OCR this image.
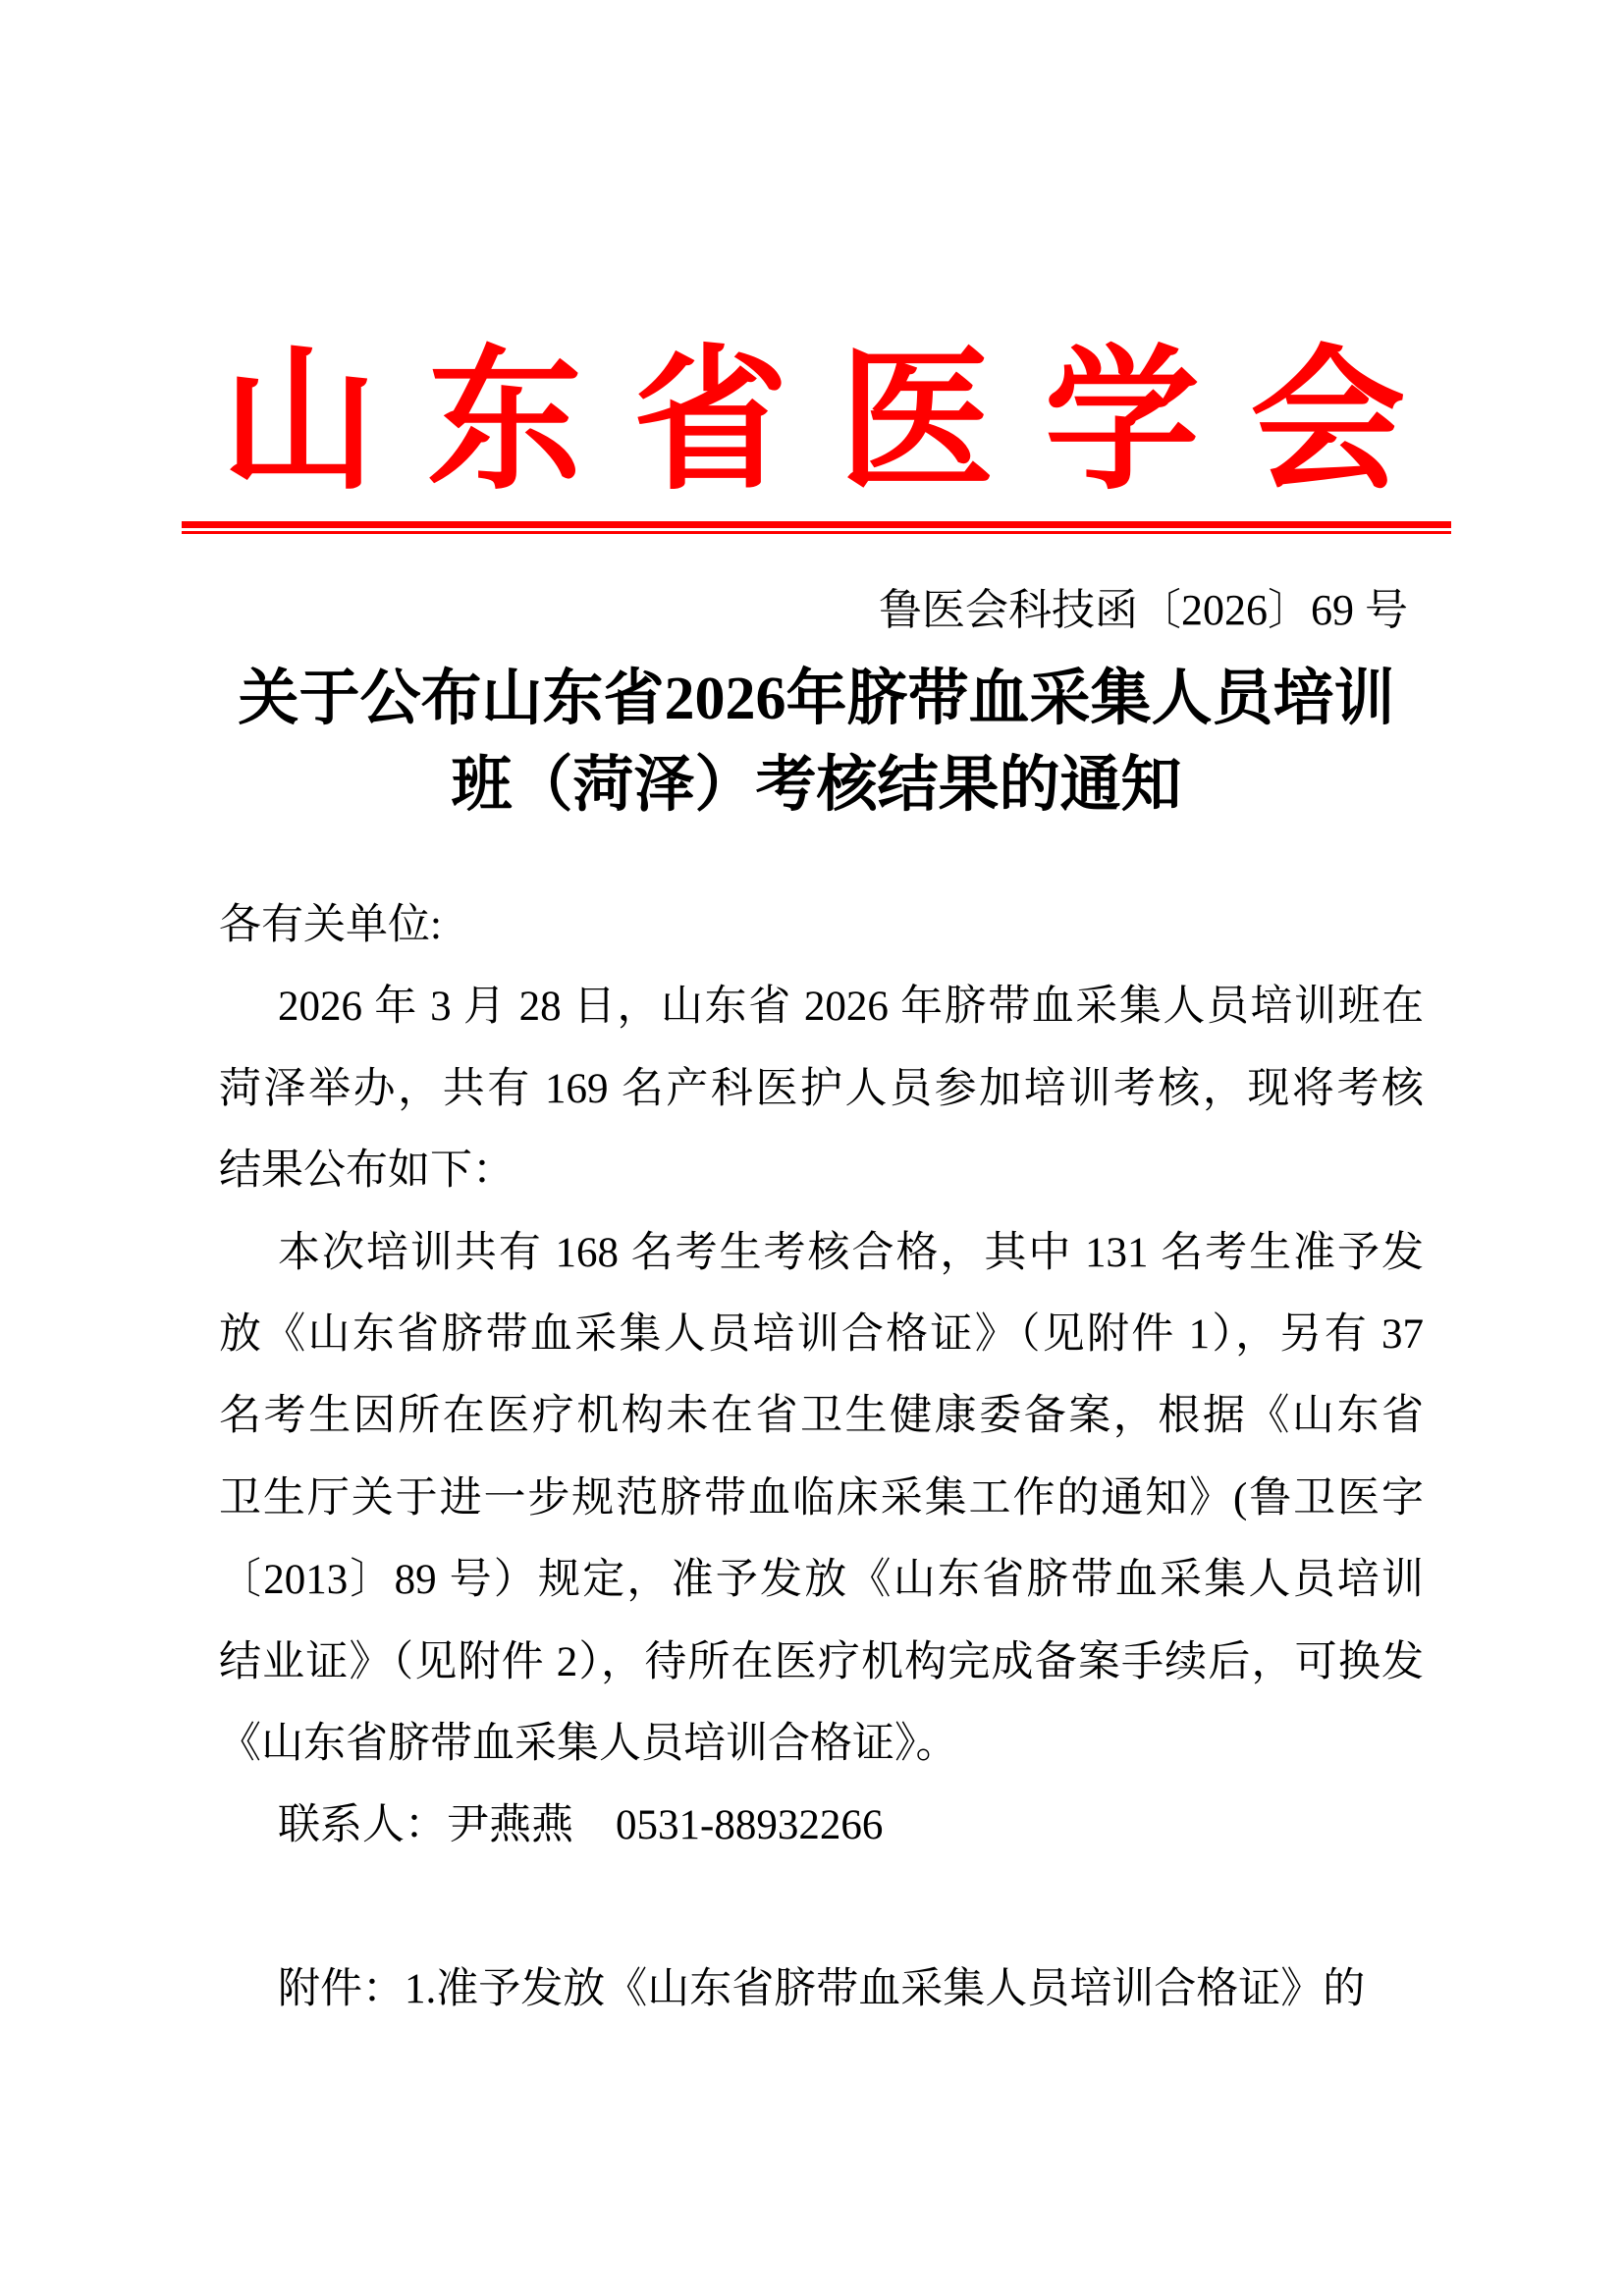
山 东 省 医 学 会
鲁医会科技函〔2026〕69 号
关于公布山东省2026年脐带血采集人员培训
班（菏泽）考核结果的通知
各有关单位:
2026 年 3 月 28 日，山东省 2026 年脐带血采集人员培训班在
菏泽举办，共有 169 名产科医护人员参加培训考核，现将考核
结果公布如下：
本次培训共有 168 名考生考核合格，其中 131 名考生准予发
放《山东省脐带血采集人员培训合格证》（见附件 1），另有 37
名考生因所在医疗机构未在省卫生健康委备案，根据《山东省
卫生厅关于进一步规范脐带血临床采集工作的通知》(鲁卫医字
〔2013〕89 号）规定，准予发放《山东省脐带血采集人员培训
结业证》（见附件 2），待所在医疗机构完成备案手续后，可换发
《山东省脐带血采集人员培训合格证》。
联系人：尹燕燕　0531-88932266
附件：1.准予发放《山东省脐带血采集人员培训合格证》的
